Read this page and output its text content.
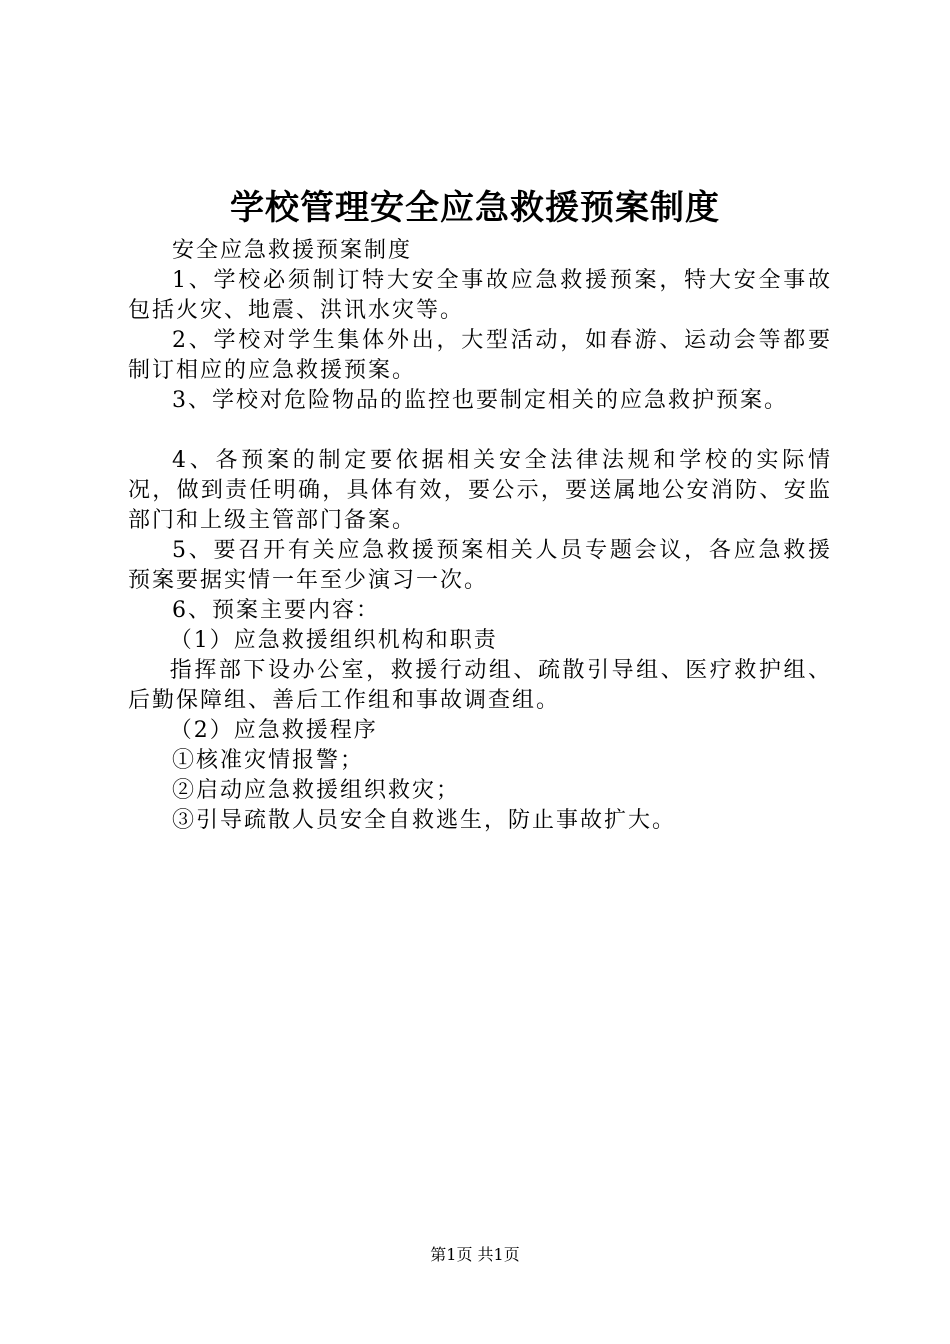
学校管理安全应急救援预案制度

安全应急救援预案制度

1、学校必须制订特大安全事故应急救援预案，特大安全事故包括火灾、地震、洪讯水灾等。

2、学校对学生集体外出，大型活动，如春游、运动会等都要制订相应的应急救援预案。

3、学校对危险物品的监控也要制定相关的应急救护预案。

4、各预案的制定要依据相关安全法律法规和学校的实际情况，做到责任明确，具体有效，要公示，要送属地公安消防、安监部门和上级主管部门备案。

5、要召开有关应急救援预案相关人员专题会议，各应急救援预案要据实情一年至少演习一次。

6、预案主要内容：

（1）应急救援组织机构和职责

指挥部下设办公室，救援行动组、疏散引导组、医疗救护组、后勤保障组、善后工作组和事故调查组。

（2）应急救援程序

①核准灾情报警；

②启动应急救援组织救灾；

③引导疏散人员安全自救逃生，防止事故扩大。

第1页 共1页
